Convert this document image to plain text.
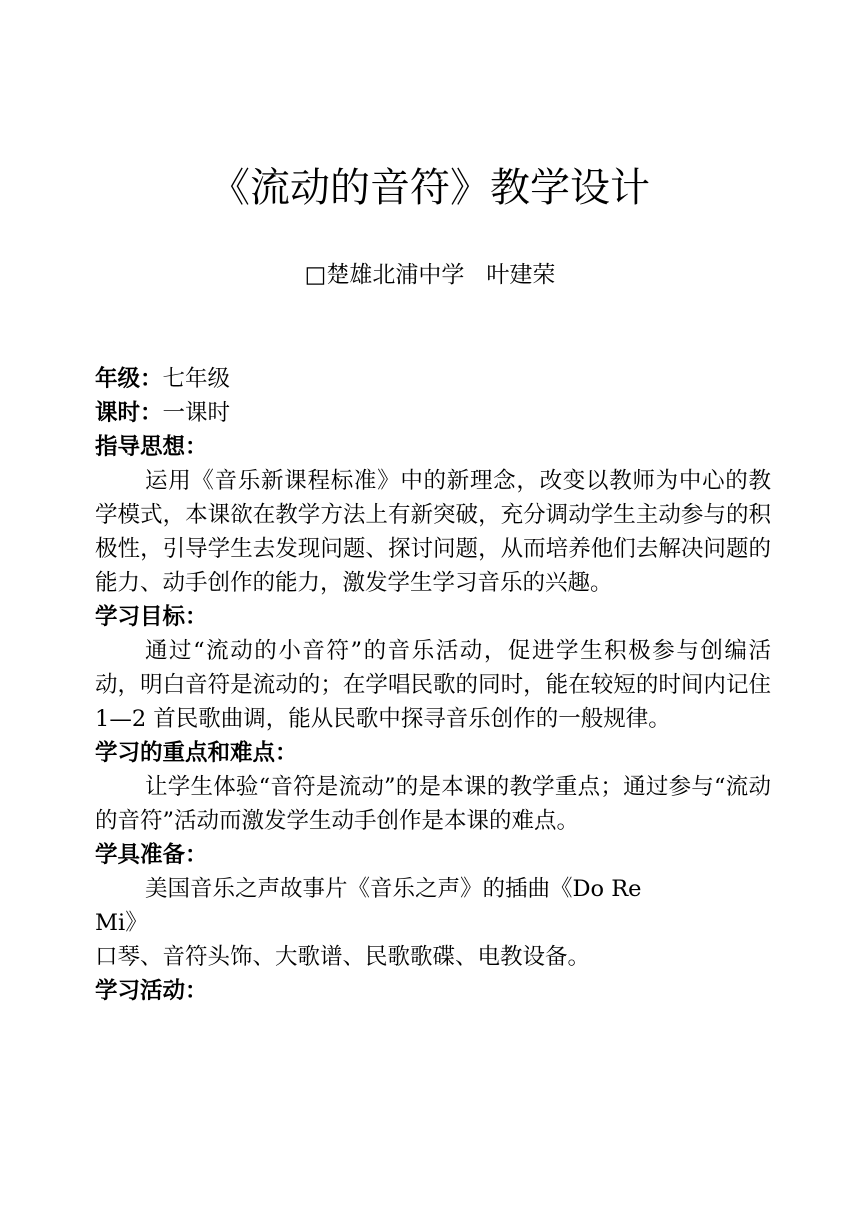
《流动的音符》教学设计
□楚雄北浦中学 叶建荣
年级：七年级
课时：一课时
指导思想：
运用《音乐新课程标准》中的新理念，改变以教师为中心的教学模式，本课欲在教学方法上有新突破，充分调动学生主动参与的积极性，引导学生去发现问题、探讨问题，从而培养他们去解决问题的能力、动手创作的能力，激发学生学习音乐的兴趣。
学习目标：
通过“流动的小音符”的音乐活动，促进学生积极参与创编活动，明白音符是流动的；在学唱民歌的同时，能在较短的时间内记住 1—2 首民歌曲调，能从民歌中探寻音乐创作的一般规律。
学习的重点和难点：
让学生体验“音符是流动”的是本课的教学重点；通过参与“流动的音符”活动而激发学生动手创作是本课的难点。
学具准备：
美国音乐之声故事片《音乐之声》的插曲《Do Re
Mi》
口琴、音符头饰、大歌谱、民歌歌碟、电教设备。
学习活动：
